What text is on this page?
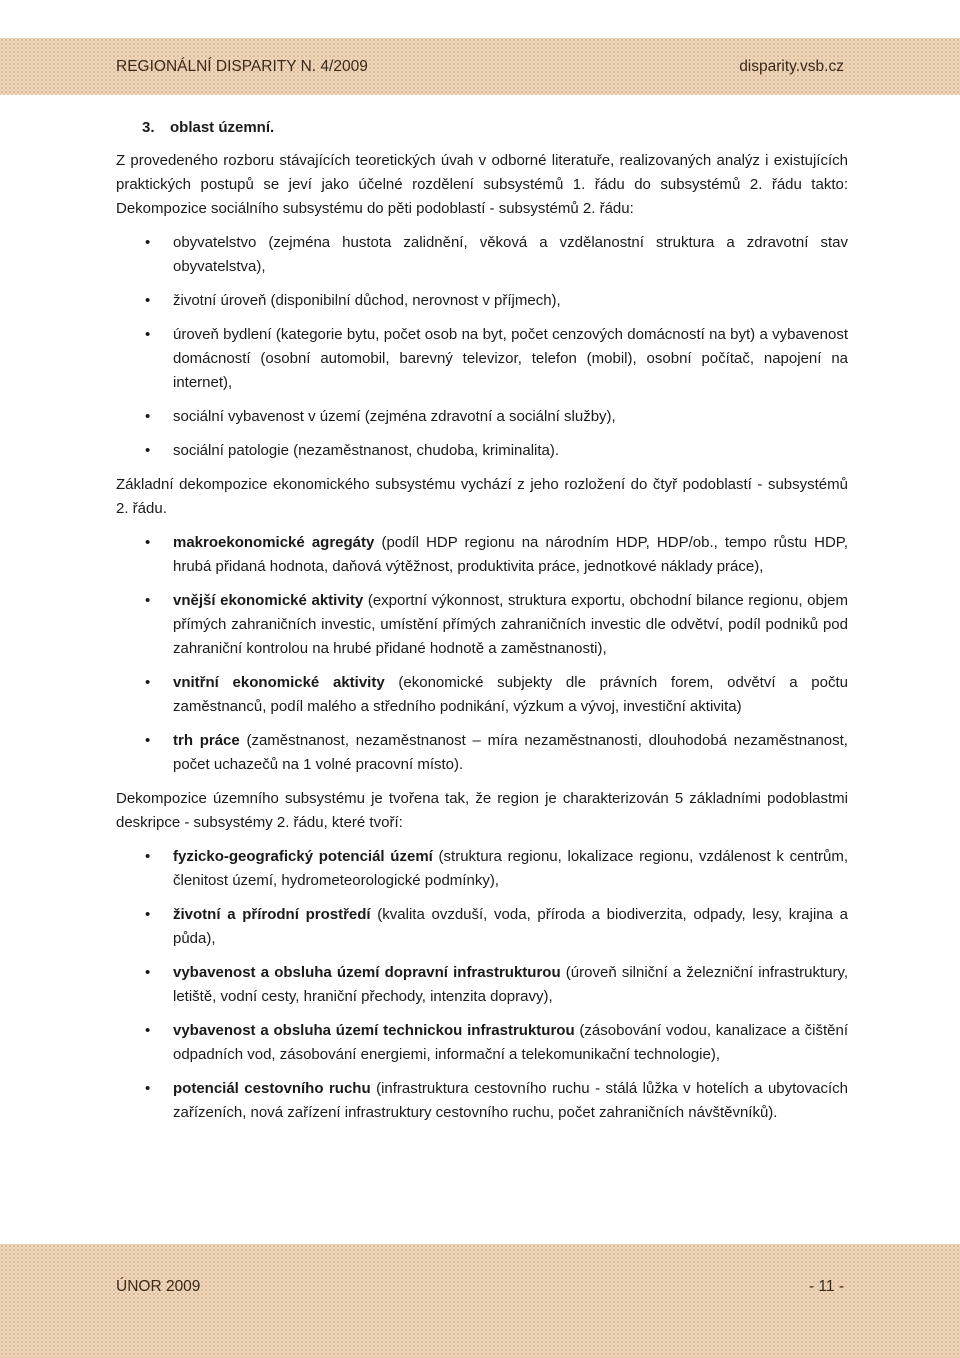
REGIONÁLNÍ DISPARITY N. 4/2009	disparity.vsb.cz
3. oblast územní.

Z provedeného rozboru stávajících teoretických úvah v odborné literatuře, realizovaných analýz i existujících praktických postupů se jeví jako účelné rozdělení subsystémů 1. řádu do subsystémů 2. řádu takto: Dekompozice sociálního subsystému do pěti podoblastí - subsystémů 2. řádu:

• obyvatelstvo (zejména hustota zalidnění, věková a vzdělanostní struktura a zdravotní stav obyvatelstva),
• životní úroveň (disponibilní důchod, nerovnost v příjmech),
• úroveň bydlení (kategorie bytu, počet osob na byt, počet cenzových domácností na byt) a vybavenost domácností (osobní automobil, barevný televizor, telefon (mobil), osobní počítač, napojení na internet),
• sociální vybavenost v území (zejména zdravotní a sociální služby),
• sociální patologie (nezaměstnanost, chudoba, kriminalita).

Základní dekompozice ekonomického subsystému vychází z jeho rozložení do čtyř podoblastí - subsystémů 2. řádu.

• makroekonomické agregáty (podíl HDP regionu na národním HDP, HDP/ob., tempo růstu HDP, hrubá přidaná hodnota, daňová výtěžnost, produktivita práce, jednotkové náklady práce),
• vnější ekonomické aktivity (exportní výkonnost, struktura exportu, obchodní bilance regionu, objem přímých zahraničních investic, umístění přímých zahraničních investic dle odvětví, podíl podniků pod zahraniční kontrolou na hrubé přidané hodnotě a zaměstnanosti),
• vnitřní ekonomické aktivity (ekonomické subjekty dle právních forem, odvětví a počtu zaměstnanců, podíl malého a středního podnikání, výzkum a vývoj, investiční aktivita)
• trh práce (zaměstnanost, nezaměstnanost – míra nezaměstnanosti, dlouhodobá nezaměstnanost, počet uchazečů na 1 volné pracovní místo).

Dekompozice územního subsystému je tvořena tak, že region je charakterizován 5 základními podoblastmi deskripce - subsystémy 2. řádu, které tvoří:

• fyzicko-geografický potenciál území (struktura regionu, lokalizace regionu, vzdálenost k centrům, členitost území, hydrometeorologické podmínky),
• životní a přírodní prostředí (kvalita ovzduší, voda, příroda a biodiverzita, odpady, lesy, krajina a půda),
• vybavenost a obsluha území dopravní infrastrukturou (úroveň silniční a železniční infrastruktury, letiště, vodní cesty, hraniční přechody, intenzita dopravy),
• vybavenost a obsluha území technickou infrastrukturou (zásobování vodou, kanalizace a čištění odpadních vod, zásobování energiemi, informační a telekomunikační technologie),
• potenciál cestovního ruchu (infrastruktura cestovního ruchu - stálá lůžka v hotelích a ubytovacích zařízeních, nová zařízení infrastruktury cestovního ruchu, počet zahraničních návštěvníků).
ÚNOR 2009	- 11 -
